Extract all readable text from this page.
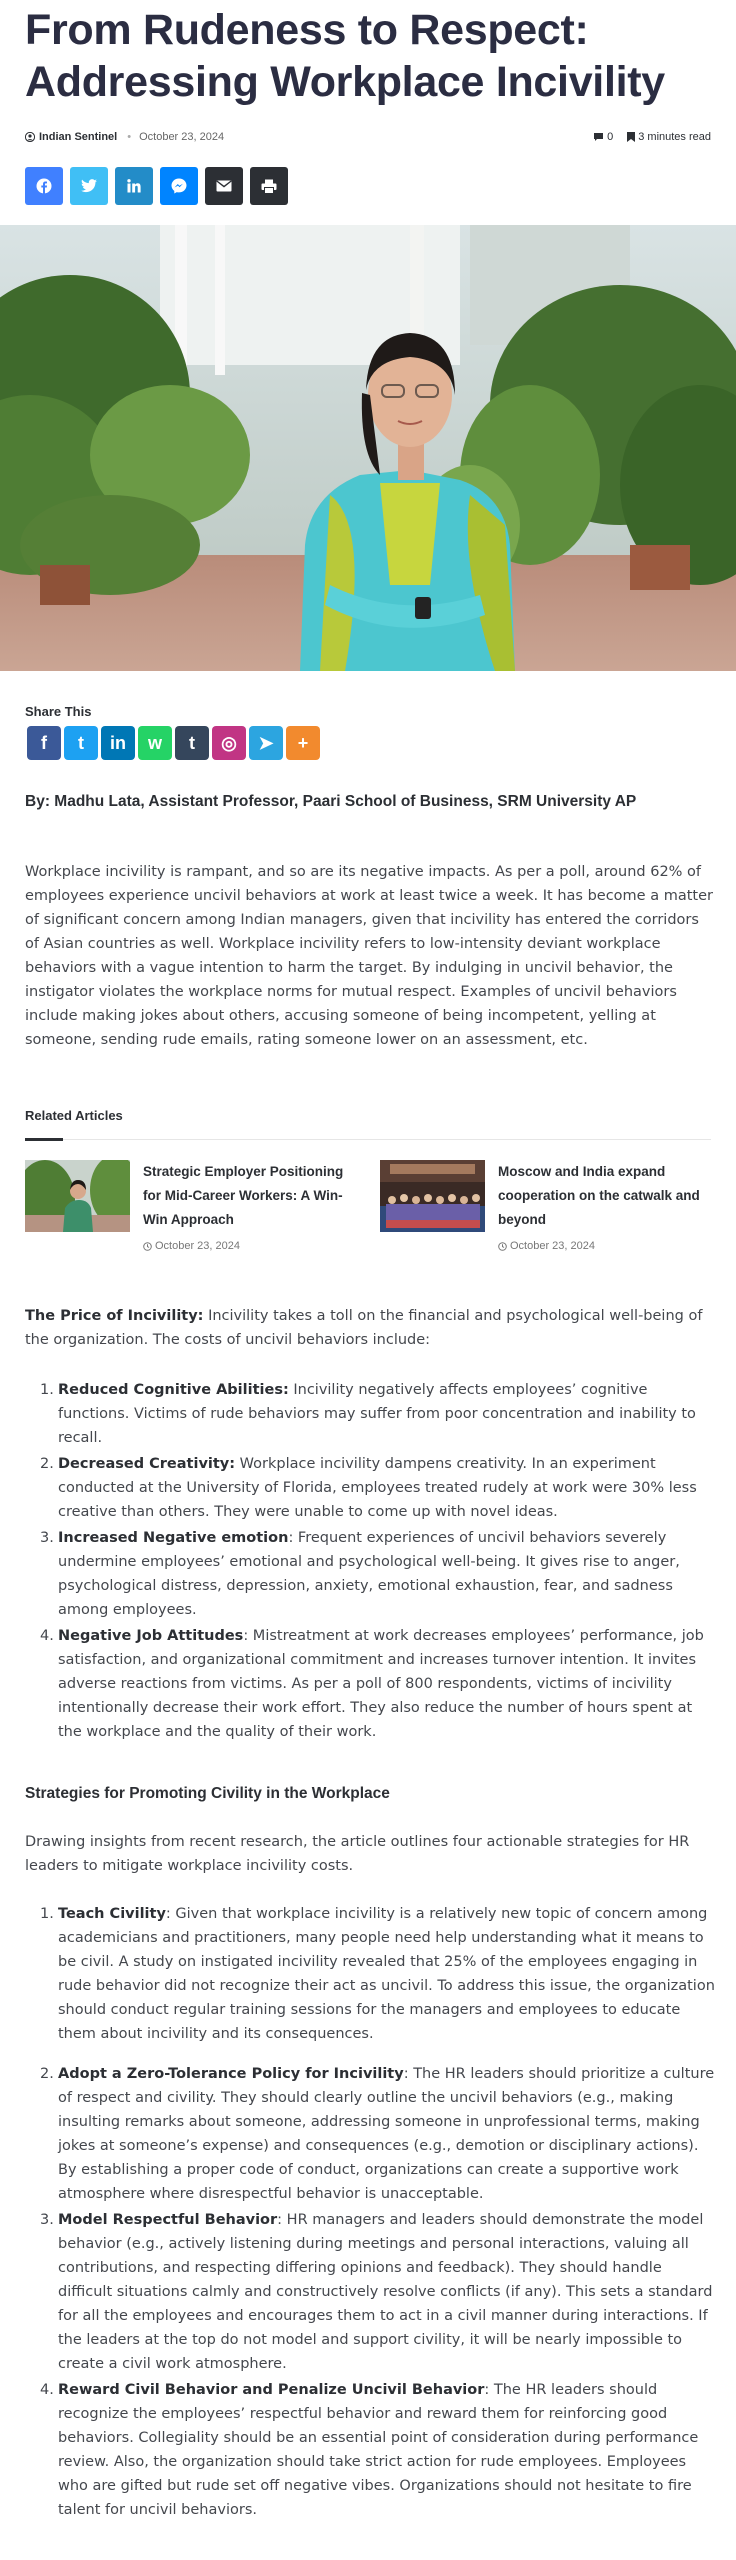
From Rudeness to Respect: Addressing Workplace Incivility
Indian Sentinel • October 23, 2024	0 3 minutes read
Share This
f t in w t ◎ ➤ +
By: Madhu Lata, Assistant Professor, Paari School of Business, SRM University AP

Workplace incivility is rampant, and so are its negative impacts. As per a poll, around 62% of employees experience uncivil behaviors at work at least twice a week. It has become a matter of significant concern among Indian managers, given that incivility has entered the corridors of Asian countries as well. Workplace incivility refers to low-intensity deviant workplace behaviors with a vague intention to harm the target. By indulging in uncivil behavior, the instigator violates the workplace norms for mutual respect. Examples of uncivil behaviors include making jokes about others, accusing someone of being incompetent, yelling at someone, sending rude emails, rating someone lower on an assessment, etc.

Related Articles
Strategic Employer Positioning for Mid-Career Workers: A Win-Win Approach
October 23, 2024
Moscow and India expand cooperation on the catwalk and beyond
October 23, 2024

The Price of Incivility: Incivility takes a toll on the financial and psychological well-being of the organization. The costs of uncivil behaviors include:

1. Reduced Cognitive Abilities: Incivility negatively affects employees’ cognitive functions. Victims of rude behaviors may suffer from poor concentration and inability to recall.
2. Decreased Creativity: Workplace incivility dampens creativity. In an experiment conducted at the University of Florida, employees treated rudely at work were 30% less creative than others. They were unable to come up with novel ideas.
3. Increased Negative emotion: Frequent experiences of uncivil behaviors severely undermine employees’ emotional and psychological well-being. It gives rise to anger, psychological distress, depression, anxiety, emotional exhaustion, fear, and sadness among employees.
4. Negative Job Attitudes: Mistreatment at work decreases employees’ performance, job satisfaction, and organizational commitment and increases turnover intention. It invites adverse reactions from victims. As per a poll of 800 respondents, victims of incivility intentionally decrease their work effort. They also reduce the number of hours spent at the workplace and the quality of their work.
Strategies for Promoting Civility in the Workplace

Drawing insights from recent research, the article outlines four actionable strategies for HR leaders to mitigate workplace incivility costs.

1. Teach Civility: Given that workplace incivility is a relatively new topic of concern among academicians and practitioners, many people need help understanding what it means to be civil. A study on instigated incivility revealed that 25% of the employees engaging in rude behavior did not recognize their act as uncivil. To address this issue, the organization should conduct regular training sessions for the managers and employees to educate them about incivility and its consequences.
2. Adopt a Zero-Tolerance Policy for Incivility: The HR leaders should prioritize a culture of respect and civility. They should clearly outline the uncivil behaviors (e.g., making insulting remarks about someone, addressing someone in unprofessional terms, making jokes at someone’s expense) and consequences (e.g., demotion or disciplinary actions). By establishing a proper code of conduct, organizations can create a supportive work atmosphere where disrespectful behavior is unacceptable.
3. Model Respectful Behavior: HR managers and leaders should demonstrate the model behavior (e.g., actively listening during meetings and personal interactions, valuing all contributions, and respecting differing opinions and feedback). They should handle difficult situations calmly and constructively resolve conflicts (if any). This sets a standard for all the employees and encourages them to act in a civil manner during interactions. If the leaders at the top do not model and support civility, it will be nearly impossible to create a civil work atmosphere.
4. Reward Civil Behavior and Penalize Uncivil Behavior: The HR leaders should recognize the employees’ respectful behavior and reward them for reinforcing good behaviors. Collegiality should be an essential point of consideration during performance review. Also, the organization should take strict action for rude employees. Employees who are gifted but rude set off negative vibes. Organizations should not hesitate to fire talent for uncivil behaviors.
